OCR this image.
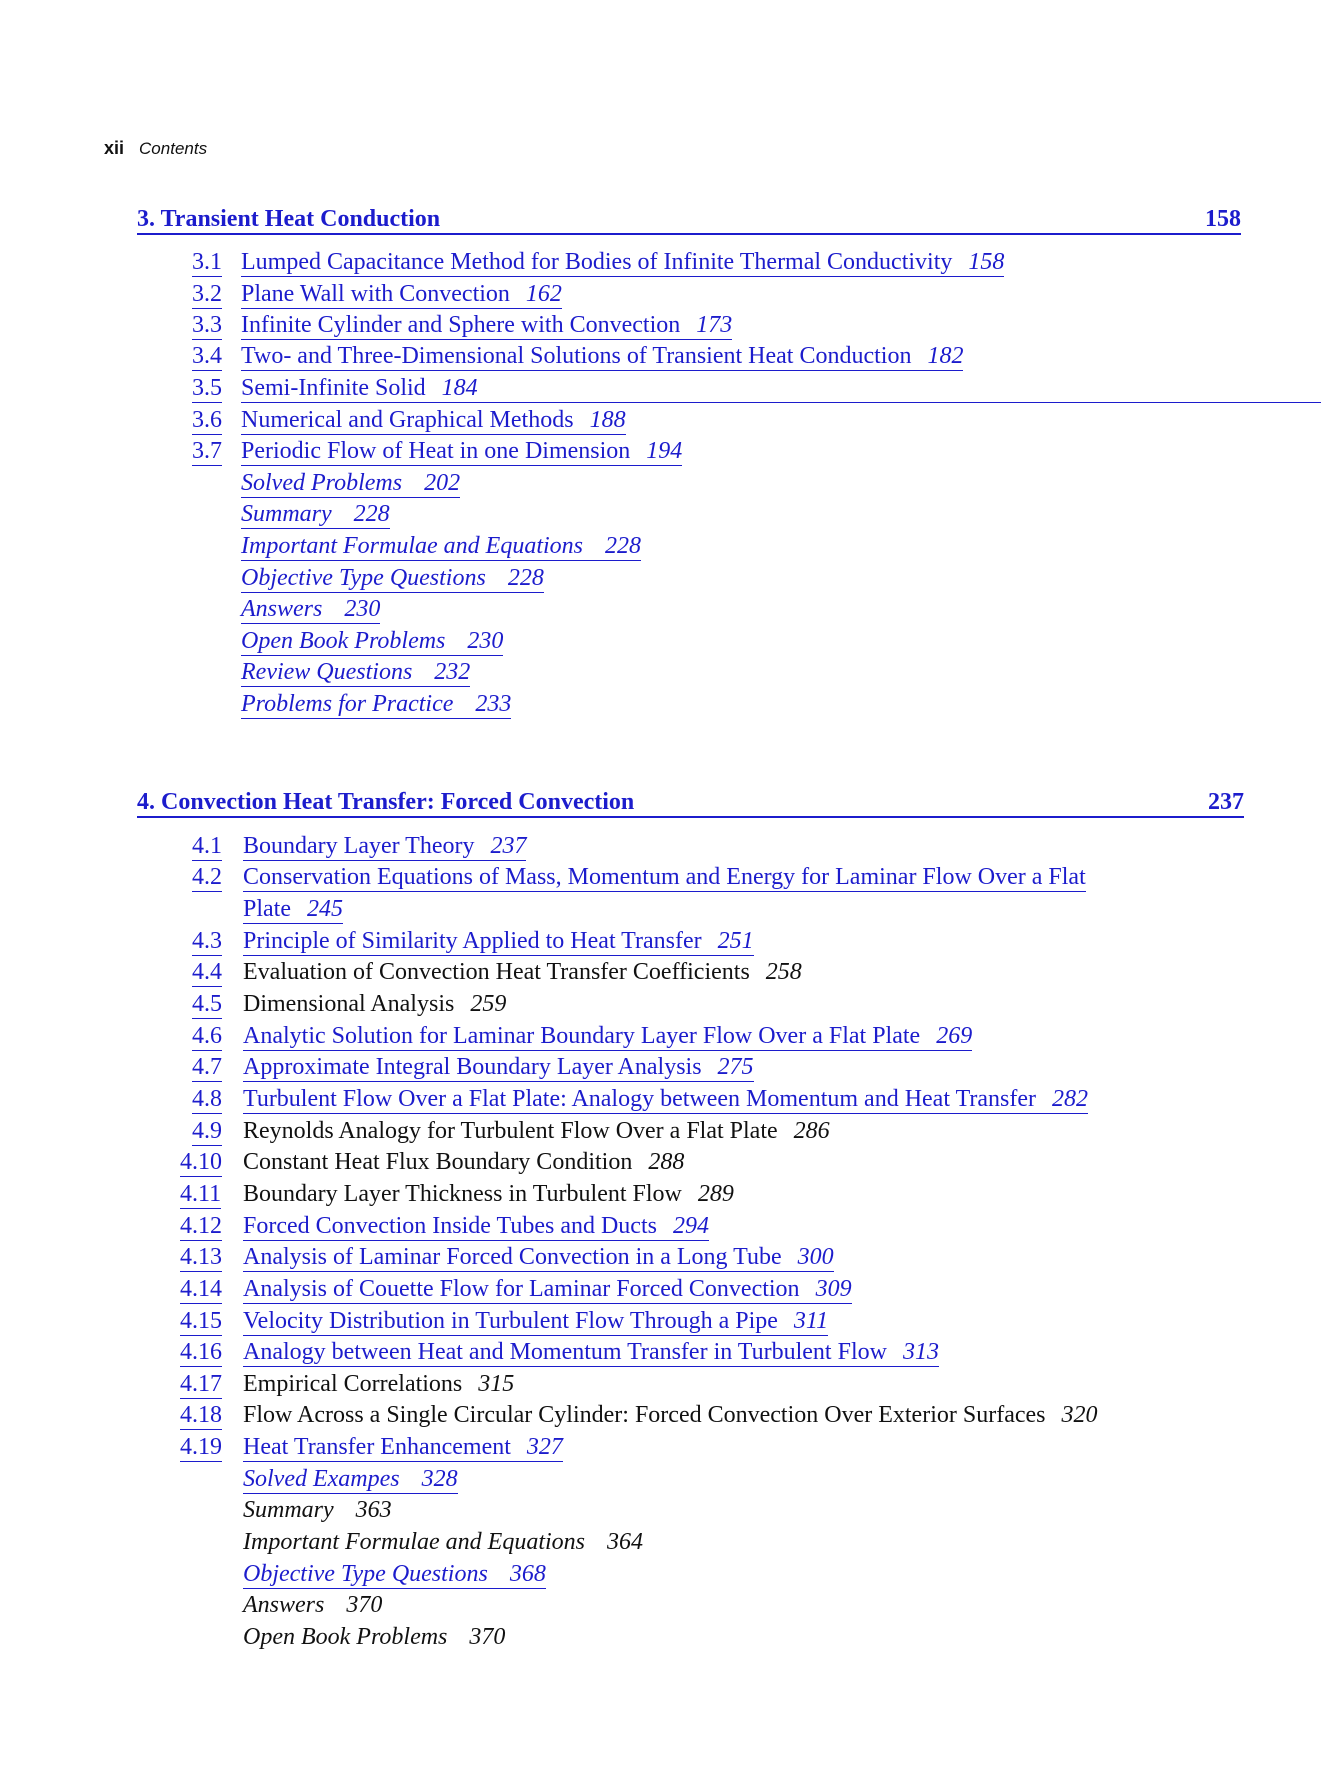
xii Contents
3. Transient Heat Conduction	158
3.1 Lumped Capacitance Method for Bodies of Infinite Thermal Conductivity 158
3.2 Plane Wall with Convection 162
3.3 Infinite Cylinder and Sphere with Convection 173
3.4 Two- and Three-Dimensional Solutions of Transient Heat Conduction 182
3.5 Semi-Infinite Solid 184
3.6 Numerical and Graphical Methods 188
3.7 Periodic Flow of Heat in one Dimension 194
Solved Problems 202
Summary 228
Important Formulae and Equations 228
Objective Type Questions 228
Answers 230
Open Book Problems 230
Review Questions 232
Problems for Practice 233
4. Convection Heat Transfer: Forced Convection	237
4.1 Boundary Layer Theory 237
4.2 Conservation Equations of Mass, Momentum and Energy for Laminar Flow Over a Flat
Plate 245
4.3 Principle of Similarity Applied to Heat Transfer 251
4.4 Evaluation of Convection Heat Transfer Coefficients 258
4.5 Dimensional Analysis 259
4.6 Analytic Solution for Laminar Boundary Layer Flow Over a Flat Plate 269
4.7 Approximate Integral Boundary Layer Analysis 275
4.8 Turbulent Flow Over a Flat Plate: Analogy between Momentum and Heat Transfer 282
4.9 Reynolds Analogy for Turbulent Flow Over a Flat Plate 286
4.10 Constant Heat Flux Boundary Condition 288
4.11 Boundary Layer Thickness in Turbulent Flow 289
4.12 Forced Convection Inside Tubes and Ducts 294
4.13 Analysis of Laminar Forced Convection in a Long Tube 300
4.14 Analysis of Couette Flow for Laminar Forced Convection 309
4.15 Velocity Distribution in Turbulent Flow Through a Pipe 311
4.16 Analogy between Heat and Momentum Transfer in Turbulent Flow 313
4.17 Empirical Correlations 315
4.18 Flow Across a Single Circular Cylinder: Forced Convection Over Exterior Surfaces 320
4.19 Heat Transfer Enhancement 327
Solved Exampes 328
Summary 363
Important Formulae and Equations 364
Objective Type Questions 368
Answers 370
Open Book Problems 370
